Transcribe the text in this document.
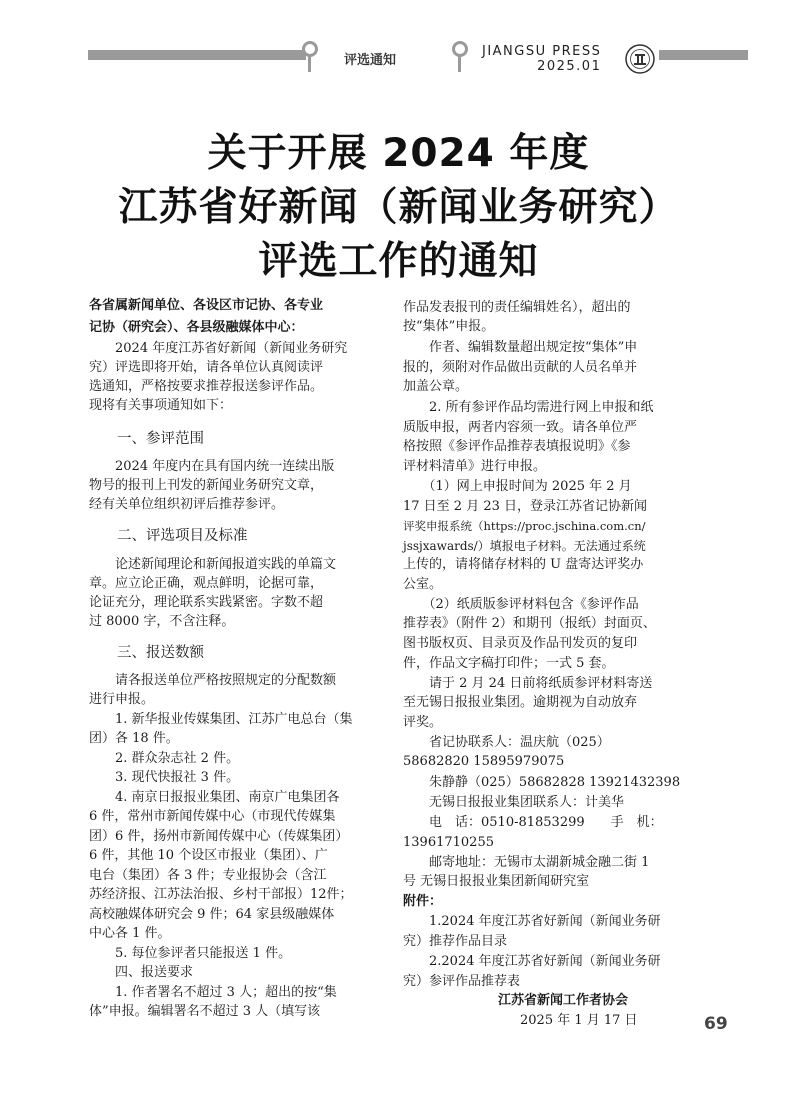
评选通知
JIANGSU PRESS
2025.01
关于开展 2024 年度
江苏省好新闻（新闻业务研究）
评选工作的通知
各省属新闻单位、各设区市记协、各专业
记协（研究会）、各县级融媒体中心：
　　2024 年度江苏省好新闻（新闻业务研究
究）评选即将开始，请各单位认真阅读评
选通知，严格按要求推荐报送参评作品。
现将有关事项通知如下：
一、参评范围
　　2024 年度内在具有国内统一连续出版
物号的报刊上刊发的新闻业务研究文章，
经有关单位组织初评后推荐参评。
二、评选项目及标准
　　论述新闻理论和新闻报道实践的单篇文
章。应立论正确，观点鲜明，论据可靠，
论证充分，理论联系实践紧密。字数不超
过 8000 字，不含注释。
三、报送数额
　　请各报送单位严格按照规定的分配数额
进行申报。
　　1. 新华报业传媒集团、江苏广电总台（集
团）各 18 件。
　　2. 群众杂志社 2 件。
　　3. 现代快报社 3 件。
　　4. 南京日报报业集团、南京广电集团各
6 件，常州市新闻传媒中心（市现代传媒集
团）6 件，扬州市新闻传媒中心（传媒集团）
6 件，其他 10 个设区市报业（集团）、广
电台（集团）各 3 件；专业报协会（含江
苏经济报、江苏法治报、乡村干部报）12件；
高校融媒体研究会 9 件；64 家县级融媒体
中心各 1 件。
　　5. 每位参评者只能报送 1 件。
　　四、报送要求
　　1. 作者署名不超过 3 人；超出的按“集
体”申报。编辑署名不超过 3 人（填写该
作品发表报刊的责任编辑姓名），超出的
按“集体”申报。
　　作者、编辑数量超出规定按“集体”申
报的，须附对作品做出贡献的人员名单并
加盖公章。
　　2. 所有参评作品均需进行网上申报和纸
质版申报，两者内容须一致。请各单位严
格按照《参评作品推荐表填报说明》《参
评材料清单》进行申报。
　　（1）网上申报时间为 2025 年 2 月
17 日至 2 月 23 日，登录江苏省记协新闻
评奖申报系统（https://proc.jschina.com.cn/
jssjxawards/）填报电子材料。无法通过系统
上传的，请将储存材料的 U 盘寄达评奖办
公室。
　　（2）纸质版参评材料包含《参评作品
推荐表》（附件 2）和期刊（报纸）封面页、
图书版权页、目录页及作品刊发页的复印
件，作品文字稿打印件；一式 5 套。
　　请于 2 月 24 日前将纸质参评材料寄送
至无锡日报报业集团。逾期视为自动放弃
评奖。
　　省记协联系人：温庆航（025）
58682820 15895979075
　　朱静静（025）58682828 13921432398
　　无锡日报报业集团联系人：计美华
　　电　话：0510-81853299　　手　机：
13961710255
　　邮寄地址：无锡市太湖新城金融二街 1
号 无锡日报报业集团新闻研究室
附件：
　　1.2024 年度江苏省好新闻（新闻业务研
究）推荐作品目录
　　2.2024 年度江苏省好新闻（新闻业务研
究）参评作品推荐表
江苏省新闻工作者协会
2025 年 1 月 17 日	69
